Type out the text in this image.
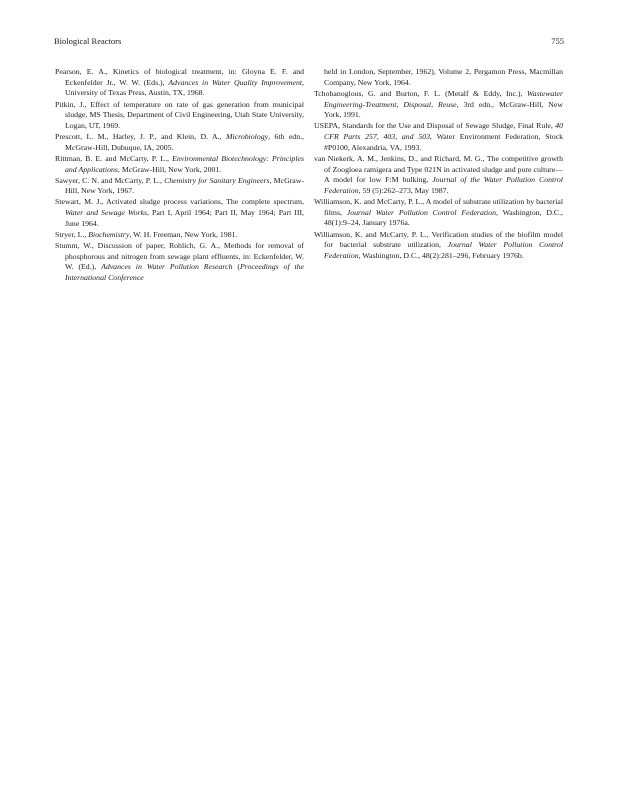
Biological Reactors	755

Pearson, E. A., Kinetics of biological treatment, in: Gloyna E. F. and Eckenfelder Jr., W. W. (Eds.), Advances in Water Quality Improvement, University of Texas Press, Austin, TX, 1968.

Pitkin, J., Effect of temperature on rate of gas generation from municipal sludge, MS Thesis, Department of Civil Engineering, Utah State University, Logan, UT, 1969.

Prescott, L. M., Harley, J. P., and Klein, D. A., Microbiology, 6th edn., McGraw-Hill, Dubuque, IA, 2005.

Rittman, B. E. and McCarty, P. L., Environmental Biotechnology: Principles and Applications, McGraw-Hill, New York, 2001.

Sawyer, C. N. and McCarty, P. L., Chemistry for Sanitary Engineers, McGraw-Hill, New York, 1967.

Stewart, M. J., Activated sludge process variations, The complete spectrum, Water and Sewage Works, Part I, April 1964; Part II, May 1964; Part III, June 1964.

Stryer, L., Biochemistry, W. H. Freeman, New York, 1981.

Stumm, W., Discussion of paper, Rohlich, G. A., Methods for removal of phosphorous and nitrogen from sewage plant effluents, in: Eckenfelder, W. W. (Ed.), Advances in Water Pollution Research (Proceedings of the International Conference

held in London, September, 1962), Volume 2, Pergamon Press, Macmillan Company, New York, 1964.

Tchobanoglous, G. and Burton, F. L. (Metalf & Eddy, Inc.), Wastewater Engineering-Treatment, Disposal, Reuse, 3rd edn., McGraw-Hill, New York, 1991.

USEPA, Standards for the Use and Disposal of Sewage Sludge, Final Rule, 40 CFR Parts 257, 403, and 503, Water Environment Federation, Stock #P0100, Alexandria, VA, 1993.

van Niekerk, A. M., Jenkins, D., and Richard, M. G., The competitive growth of Zoogloea ramigera and Type 021N in activated sludge and pure culture—A model for low F:M bulking, Journal of the Water Pollution Control Federation, 59 (5):262–273, May 1987.

Williamson, K. and McCarty, P. L., A model of substrate utilization by bacterial films, Journal Water Pollution Control Federation, Washington, D.C., 48(1):9–24, January 1976a.

Williamson, K. and McCarty, P. L., Verification studies of the biofilm model for bacterial substrate utilization, Journal Water Pollution Control Federation, Washington, D.C., 48(2):281–296, February 1976b.
